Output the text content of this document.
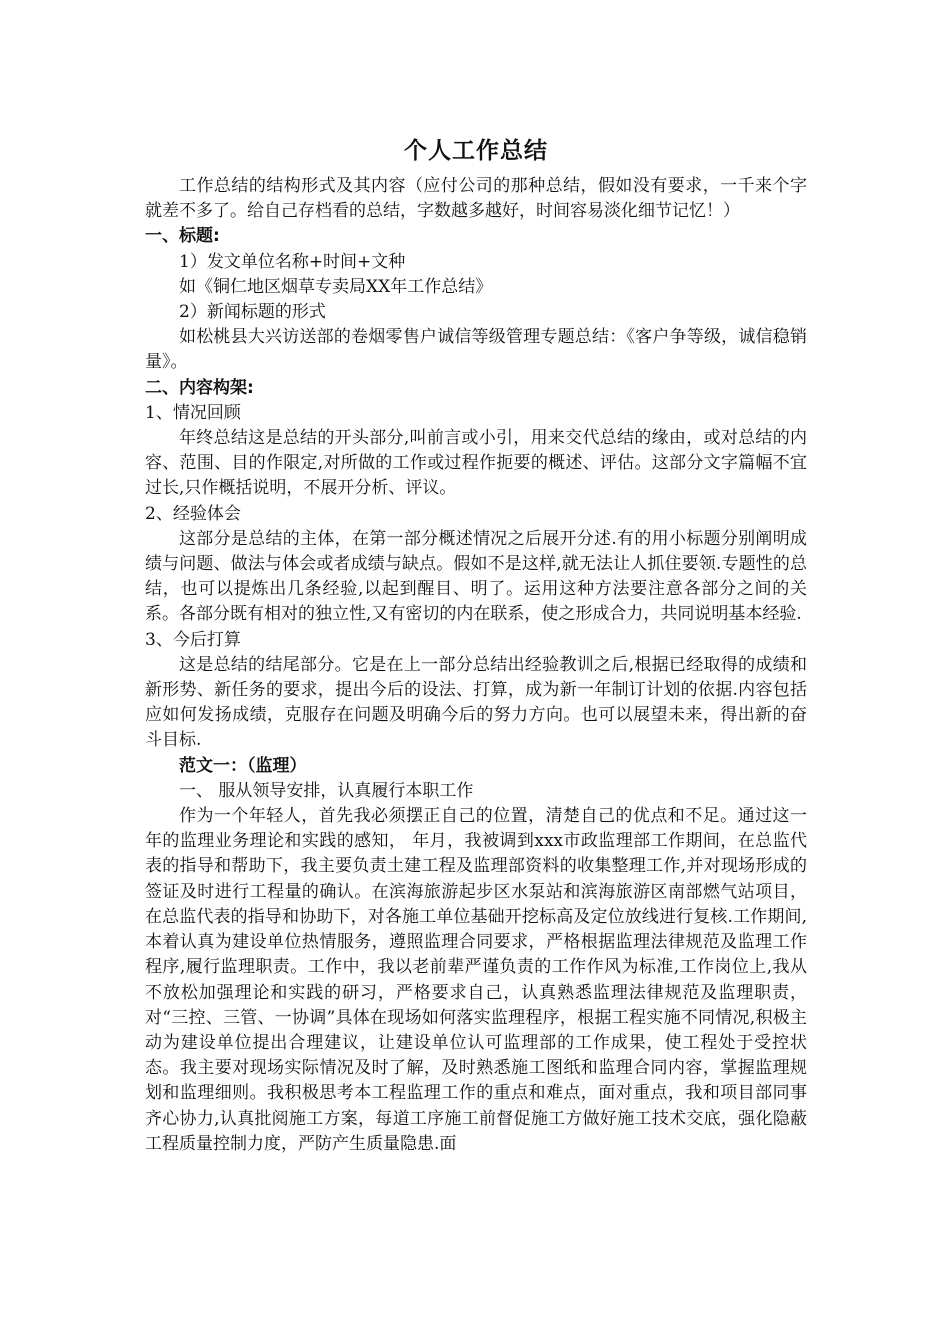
个人工作总结

工作总结的结构形式及其内容（应付公司的那种总结，假如没有要求，一千来个字就差不多了。给自己存档看的总结，字数越多越好，时间容易淡化细节记忆！）

一、标题:

1）发文单位名称+时间+文种

如《铜仁地区烟草专卖局XX年工作总结》

2）新闻标题的形式

如松桃县大兴访送部的卷烟零售户诚信等级管理专题总结：《客户争等级，诚信稳销量》。

二、内容构架:

1、情况回顾

年终总结这是总结的开头部分,叫前言或小引，用来交代总结的缘由，或对总结的内容、范围、目的作限定,对所做的工作或过程作扼要的概述、评估。这部分文字篇幅不宜过长,只作概括说明，不展开分析、评议。

2、经验体会

这部分是总结的主体，在第一部分概述情况之后展开分述.有的用小标题分别阐明成绩与问题、做法与体会或者成绩与缺点。假如不是这样,就无法让人抓住要领.专题性的总结，也可以提炼出几条经验,以起到醒目、明了。运用这种方法要注意各部分之间的关系。各部分既有相对的独立性,又有密切的内在联系，使之形成合力，共同说明基本经验.

3、今后打算

这是总结的结尾部分。它是在上一部分总结出经验教训之后,根据已经取得的成绩和新形势、新任务的要求，提出今后的设法、打算，成为新一年制订计划的依据.内容包括应如何发扬成绩，克服存在问题及明确今后的努力方向。也可以展望未来，得出新的奋斗目标.

范文一：（监理）

一、 服从领导安排，认真履行本职工作

作为一个年轻人，首先我必须摆正自己的位置，清楚自己的优点和不足。通过这一年的监理业务理论和实践的感知， 年月，我被调到xxx市政监理部工作期间，在总监代表的指导和帮助下，我主要负责土建工程及监理部资料的收集整理工作,并对现场形成的签证及时进行工程量的确认。在滨海旅游起步区水泵站和滨海旅游区南部燃气站项目，在总监代表的指导和协助下，对各施工单位基础开挖标高及定位放线进行复核.工作期间,本着认真为建设单位热情服务，遵照监理合同要求，严格根据监理法律规范及监理工作程序,履行监理职责。工作中，我以老前辈严谨负责的工作作风为标准,工作岗位上,我从不放松加强理论和实践的研习，严格要求自己，认真熟悉监理法律规范及监理职责，对“三控、三管、一协调”具体在现场如何落实监理程序，根据工程实施不同情况,积极主动为建设单位提出合理建议，让建设单位认可监理部的工作成果，使工程处于受控状态。我主要对现场实际情况及时了解，及时熟悉施工图纸和监理合同内容，掌握监理规划和监理细则。我积极思考本工程监理工作的重点和难点，面对重点，我和项目部同事齐心协力,认真批阅施工方案，每道工序施工前督促施工方做好施工技术交底，强化隐蔽工程质量控制力度，严防产生质量隐患.面
